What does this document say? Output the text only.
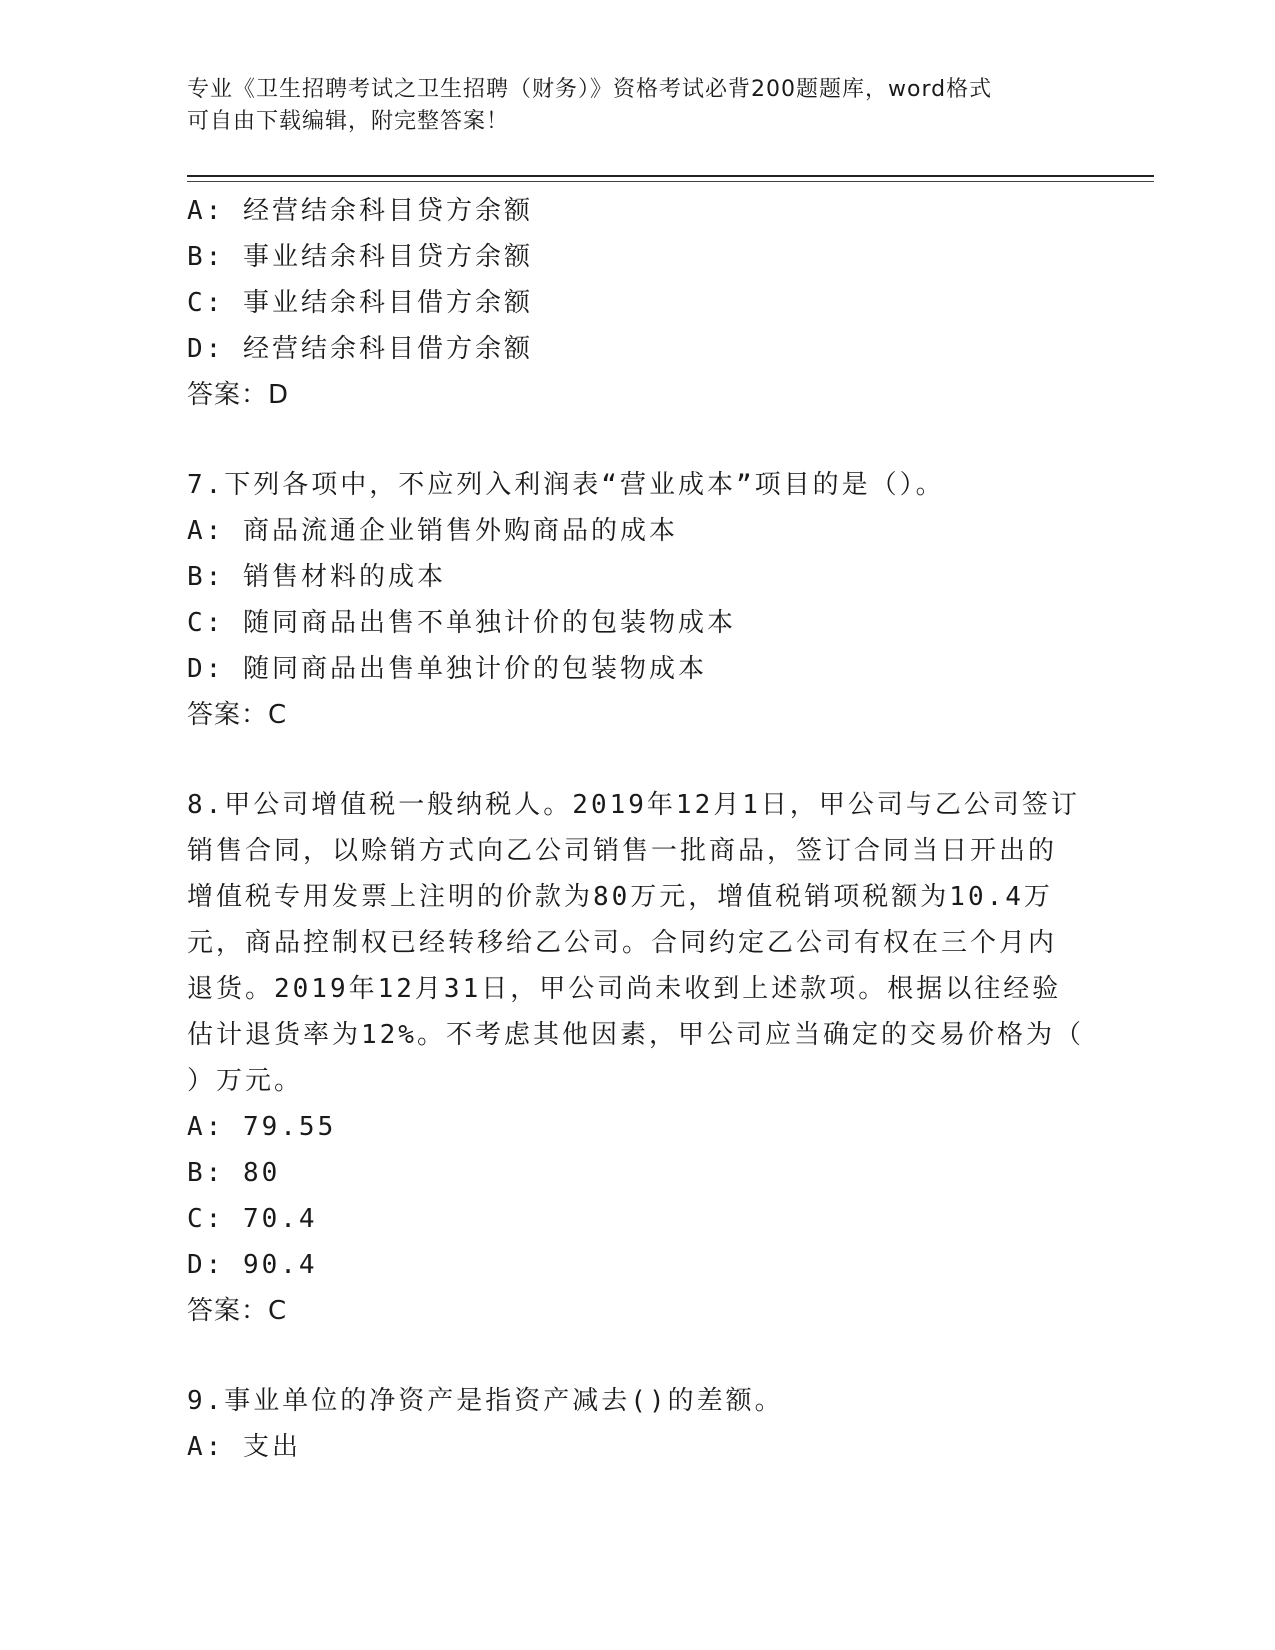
专业《卫生招聘考试之卫生招聘（财务）》资格考试必背200题题库，word格式
可自由下载编辑，附完整答案！
A: 经营结余科目贷方余额
B: 事业结余科目贷方余额
C: 事业结余科目借方余额
D: 经营结余科目借方余额
答案：D
7.下列各项中，不应列入利润表“营业成本”项目的是（）。
A: 商品流通企业销售外购商品的成本
B: 销售材料的成本
C: 随同商品出售不单独计价的包装物成本
D: 随同商品出售单独计价的包装物成本
答案：C
8.甲公司增值税一般纳税人。2019年12月1日，甲公司与乙公司签订
销售合同，以赊销方式向乙公司销售一批商品，签订合同当日开出的
增值税专用发票上注明的价款为80万元，增值税销项税额为10.4万
元，商品控制权已经转移给乙公司。合同约定乙公司有权在三个月内
退货。2019年12月31日，甲公司尚未收到上述款项。根据以往经验
估计退货率为12%。不考虑其他因素，甲公司应当确定的交易价格为（
）万元。
A: 79.55
B: 80
C: 70.4
D: 90.4
答案：C
9.事业单位的净资产是指资产减去()的差额。
A: 支出
